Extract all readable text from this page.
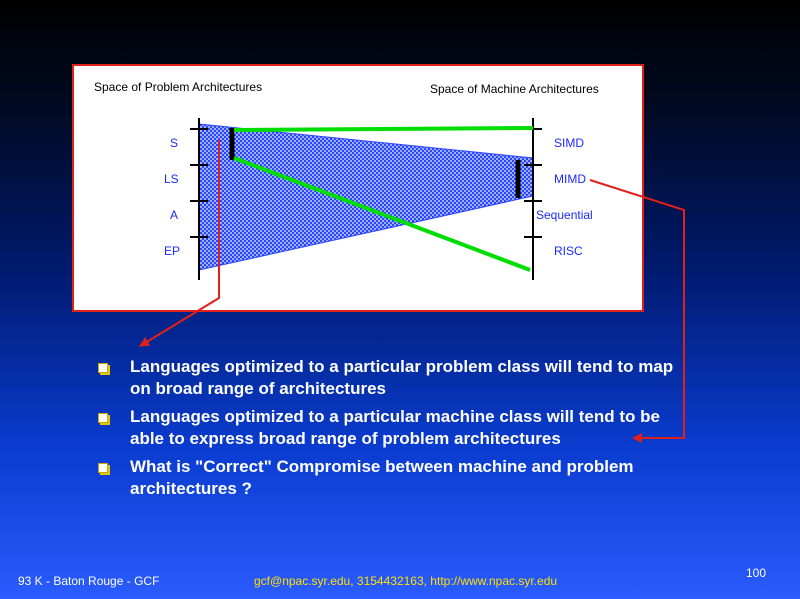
Space of Problem Architectures	Space of Machine Architectures
S
LS
A
EP
SIMD
MIMD
Sequential
RISC
Languages optimized to a particular problem class will tend to map on broad range of architectures
Languages optimized to a particular machine class will tend to be able to express broad range of problem architectures
What is "Correct" Compromise between machine and problem architectures ?
93 K - Baton Rouge - GCF	gcf@npac.syr.edu, 3154432163, http://www.npac.syr.edu
100
